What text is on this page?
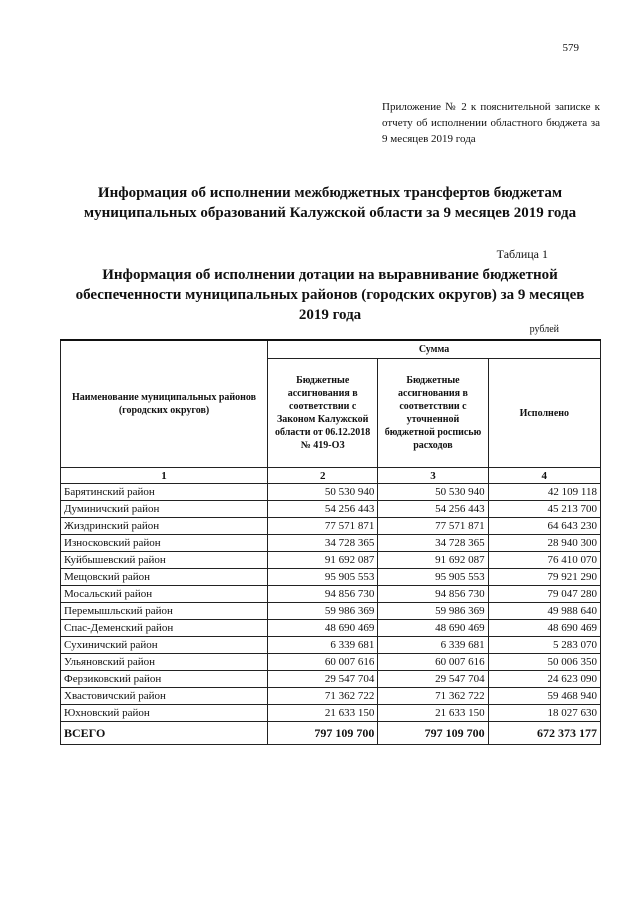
579
Приложение № 2 к пояснительной записке к отчету об исполнении областного бюджета за 9 месяцев 2019 года
Информация об исполнении межбюджетных трансфертов бюджетам муниципальных образований Калужской области за 9 месяцев 2019 года
Таблица 1
Информация об исполнении дотации на выравнивание бюджетной обеспеченности муниципальных районов (городских округов) за 9 месяцев 2019 года
рублей
Наименование муниципальных районов (городских округов)	Сумма		
	Бюджетные ассигнования в соответствии с Законом Калужской области от 06.12.2018 № 419-ОЗ	Бюджетные ассигнования в соответствии с уточненной бюджетной росписью расходов	Исполнено
1	2	3	4
Барятинский район	50 530 940	50 530 940	42 109 118
Думиничский район	54 256 443	54 256 443	45 213 700
Жиздринский район	77 571 871	77 571 871	64 643 230
Износковский район	34 728 365	34 728 365	28 940 300
Куйбышевский район	91 692 087	91 692 087	76 410 070
Мещовский район	95 905 553	95 905 553	79 921 290
Мосальский район	94 856 730	94 856 730	79 047 280
Перемышльский район	59 986 369	59 986 369	49 988 640
Спас-Деменский район	48 690 469	48 690 469	48 690 469
Сухиничский район	6 339 681	6 339 681	5 283 070
Ульяновский район	60 007 616	60 007 616	50 006 350
Ферзиковский район	29 547 704	29 547 704	24 623 090
Хвастовичский район	71 362 722	71 362 722	59 468 940
Юхновский район	21 633 150	21 633 150	18 027 630
ВСЕГО	797 109 700	797 109 700	672 373 177
